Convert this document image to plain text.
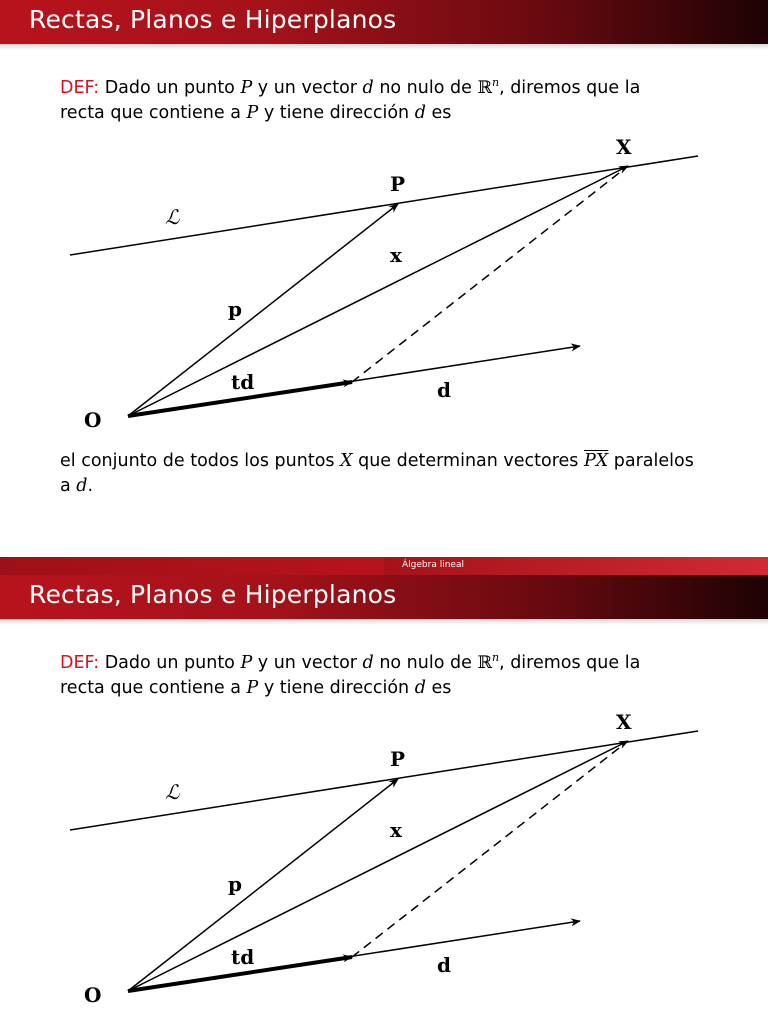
Rectas, Planos e Hiperplanos
DEF: Dado un punto P y un vector d no nulo de ℝ$^n$, diremos que la
recta que contiene a P y tiene dirección d es
X
P
ℒ
x
p
td	d
O
el conjunto de todos los puntos X que determinan vectores $\overline{PX}$ paralelos
a d.
Álgebra lineal
Rectas, Planos e Hiperplanos
DEF: Dado un punto P y un vector d no nulo de ℝ$^n$, diremos que la
recta que contiene a P y tiene dirección d es
X
P
ℒ
x
p
td	d
O
